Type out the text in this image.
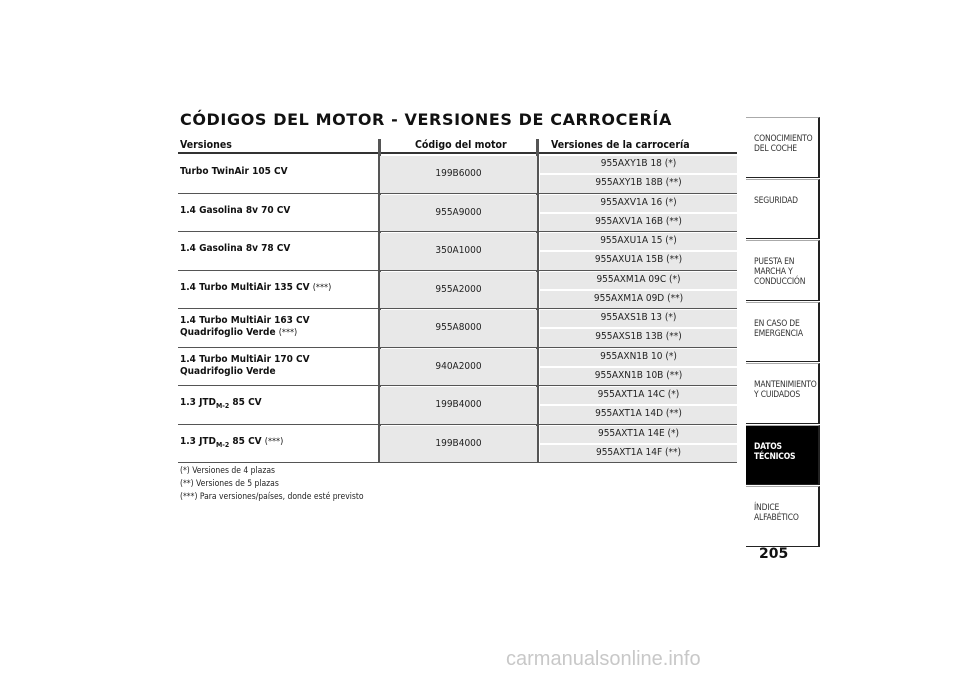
CÓDIGOS DEL MOTOR - VERSIONES DE CARROCERÍA
Versiones	Código del motor	Versiones de la carrocería
Turbo TwinAir 105 CV	199B6000
955AXY1B 18 (*)
955AXY1B 18B (**)
1.4 Gasolina 8v 70 CV	955A9000
955AXV1A 16 (*)
955AXV1A 16B (**)
1.4 Gasolina 8v 78 CV	350A1000
955AXU1A 15 (*)
955AXU1A 15B (**)
1.4 Turbo MultiAir 135 CV (***)	955A2000
955AXM1A 09C (*)
955AXM1A 09D (**)
1.4 Turbo MultiAir 163 CV
Quadrifoglio Verde (***)	955A8000
955AXS1B 13 (*)
955AXS1B 13B (**)
1.4 Turbo MultiAir 170 CV
Quadrifoglio Verde	940A2000
955AXN1B 10 (*)
955AXN1B 10B (**)
1.3 $JTD_{M-2}$ 85 CV	199B4000
955AXT1A 14C (*)
955AXT1A 14D (**)
1.3 $JTD_{M-2}$ 85 CV (***)	199B4000
955AXT1A 14E (*)
955AXT1A 14F (**)
(*) Versiones de 4 plazas
(**) Versiones de 5 plazas
(***) Para versiones/países, donde esté previsto
CONOCIMIENTO DEL COCHE
SEGURIDAD
PUESTA EN MARCHA Y CONDUCCIÓN
EN CASO DE EMERGENCIA
MANTENIMIENTO Y CUIDADOS
DATOS TÉCNICOS
ÍNDICE ALFABÉTICO
205
carmanualsonline.info
